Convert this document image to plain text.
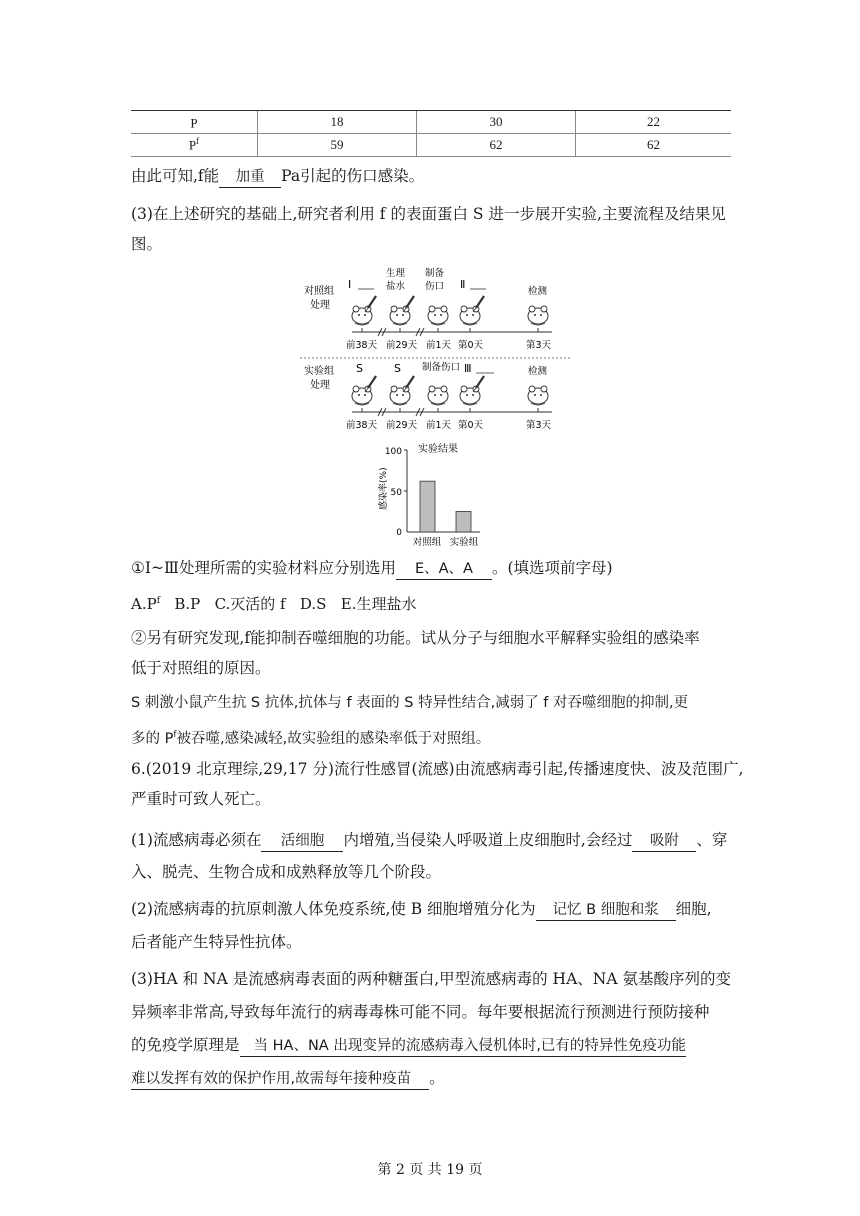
P	18	30	22
$P^f$	59	62	62
由此可知,f能 加重 Pa引起的伤口感染。
(3)在上述研究的基础上,研究者利用 f 的表面蛋白 S 进一步展开实验,主要流程及结果见
图。
对照组
处理
Ⅰ
生理
盐水
制备
伤口 Ⅱ
检测
前38天 前29天 前1天 第0天	第3天
实验组
处理
S	S 制备伤口 Ⅲ	检测
前38天 前29天 前1天 第0天	第3天
实验结果
感染率(%)
100
50
0
对照组 实验组
①Ⅰ~Ⅲ处理所需的实验材料应分别选用 E、A、A 。(填选项前字母)
$A.P^f$ B.P C.灭活的 f D.S E.生理盐水
②另有研究发现,f能抑制吞噬细胞的功能。试从分子与细胞水平解释实验组的感染率
低于对照组的原因。
S 刺激小鼠产生抗 S 抗体,抗体与 f 表面的 S 特异性结合,减弱了 f 对吞噬细胞的抑制,更
多的 $P^f$被吞噬,感染减轻,故实验组的感染率低于对照组。
6.(2019 北京理综,29,17 分)流行性感冒(流感)由流感病毒引起,传播速度快、波及范围广,
严重时可致人死亡。
(1)流感病毒必须在 活细胞 内增殖,当侵染人呼吸道上皮细胞时,会经过 吸附 、穿
入、脱壳、生物合成和成熟释放等几个阶段。
(2)流感病毒的抗原刺激人体免疫系统,使 B 细胞增殖分化为 记忆 B 细胞和浆 细胞,
后者能产生特异性抗体。
(3)HA 和 NA 是流感病毒表面的两种糖蛋白,甲型流感病毒的 HA、NA 氨基酸序列的变
异频率非常高,导致每年流行的病毒毒株可能不同。每年要根据流行预测进行预防接种
的免疫学原理是 当 HA、NA 出现变异的流感病毒入侵机体时,已有的特异性免疫功能
难以发挥有效的保护作用,故需每年接种疫苗 。
第 2 页 共 19 页
